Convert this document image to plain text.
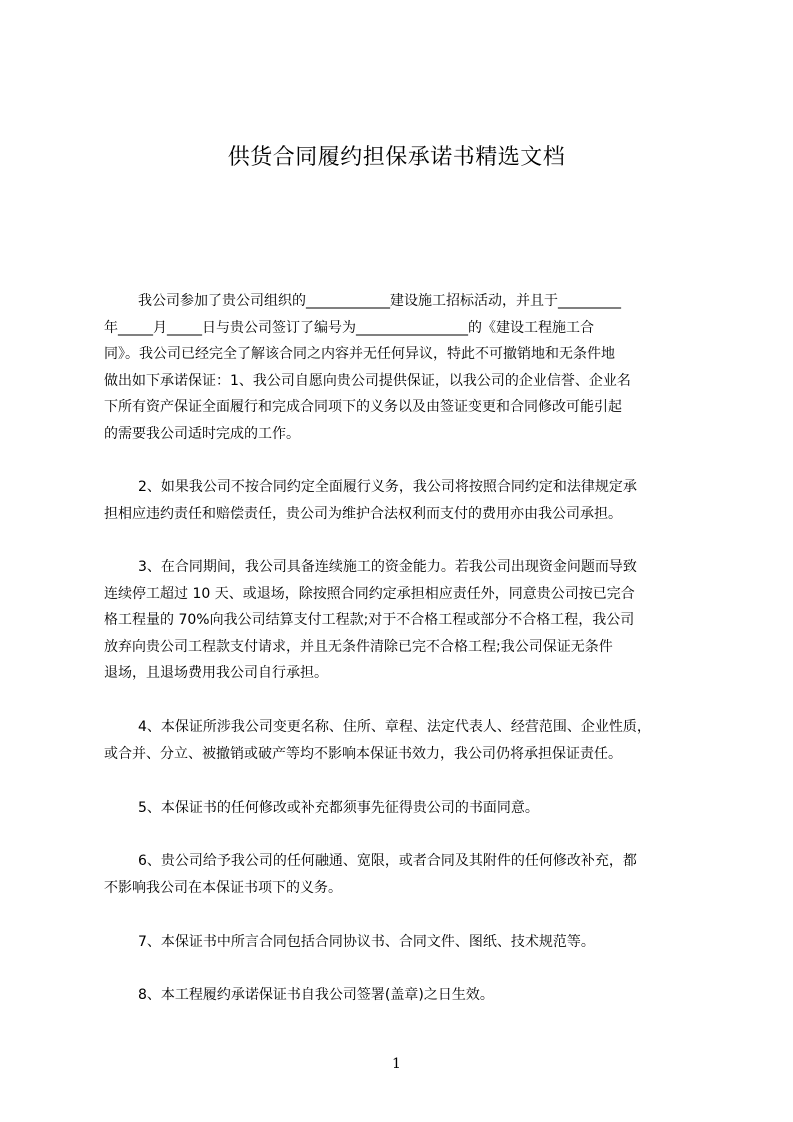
供货合同履约担保承诺书精选文档
我公司参加了贵公司组织的____________建设施工招标活动，并且于_________
年_____月_____日与贵公司签订了编号为________________的《建设工程施工合
同》。我公司已经完全了解该合同之内容并无任何异议，特此不可撤销地和无条件地
做出如下承诺保证：1、我公司自愿向贵公司提供保证，以我公司的企业信誉、企业名
下所有资产保证全面履行和完成合同项下的义务以及由签证变更和合同修改可能引起
的需要我公司适时完成的工作。
2、如果我公司不按合同约定全面履行义务，我公司将按照合同约定和法律规定承
担相应违约责任和赔偿责任，贵公司为维护合法权利而支付的费用亦由我公司承担。
3、在合同期间，我公司具备连续施工的资金能力。若我公司出现资金问题而导致
连续停工超过 10 天、或退场，除按照合同约定承担相应责任外，同意贵公司按已完合
格工程量的 70%向我公司结算支付工程款;对于不合格工程或部分不合格工程，我公司
放弃向贵公司工程款支付请求，并且无条件清除已完不合格工程;我公司保证无条件
退场，且退场费用我公司自行承担。
4、本保证所涉我公司变更名称、住所、章程、法定代表人、经营范围、企业性质，
或合并、分立、被撤销或破产等均不影响本保证书效力，我公司仍将承担保证责任。
5、本保证书的任何修改或补充都须事先征得贵公司的书面同意。
6、贵公司给予我公司的任何融通、宽限，或者合同及其附件的任何修改补充，都
不影响我公司在本保证书项下的义务。
7、本保证书中所言合同包括合同协议书、合同文件、图纸、技术规范等。
8、本工程履约承诺保证书自我公司签署(盖章)之日生效。
1
